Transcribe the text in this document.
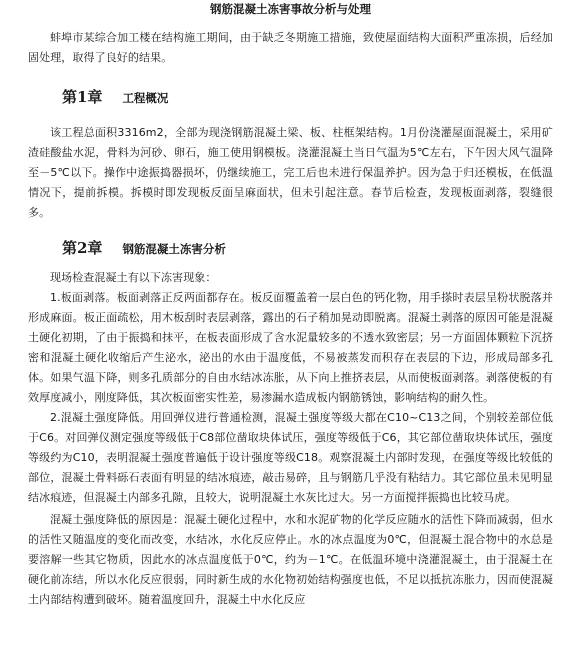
钢筋混凝土冻害事故分析与处理

蚌埠市某综合加工楼在结构施工期间，由于缺乏冬期施工措施，致使屋面结构大面积严重冻损，后经加固处理，取得了良好的结果。

第1章 工程概况

该工程总面积3316m2，全部为现浇钢筋混凝土梁、板、柱框架结构。1月份浇灌屋面混凝土，采用矿渣硅酸盐水泥，骨料为河砂、卵石，施工使用钢模板。浇灌混凝土当日气温为5℃左右，下午因大风气温降至－5℃以下。操作中途振捣器损坏，仍继续施工，完工后也未进行保温养护。因为急于归还模板，在低温情况下，提前拆模。拆模时即发现板反面呈麻面状，但未引起注意。春节后检查，发现板面剥落，裂缝很多。

第2章 钢筋混凝土冻害分析

现场检查混凝土有以下冻害现象：

1.板面剥落。板面剥落正反两面都存在。板反面覆盖着一层白色的钙化物，用手搽时表层呈粉状脱落并形成麻面。板正面疏松，用木板刮时表层剥落，露出的石子稍加晃动即脱离。混凝土剥落的原因可能是混凝土硬化初期，了由于振捣和抹平，在板表面形成了含水泥量较多的不透水致密层；另一方面固体颗粒下沉挤密和混凝土硬化收缩后产生泌水，泌出的水由于温度低，不易被蒸发而积存在表层的下边，形成局部多孔体。如果气温下降，则多孔质部分的自由水结冰冻胀，从下向上推挤表层，从而使板面剥落。剥落使板的有效厚度减小，刚度降低，其次板面密实性差，易渗漏水造成板内钢筋锈蚀，影响结构的耐久性。

2.混凝土强度降低。用回弹仪进行普通检测，混凝土强度等级大都在C10~C13之间，个别较差部位低于C6。对回弹仪测定强度等级低于C8部位凿取块体试压，强度等级低于C6，其它部位凿取块体试压，强度等级约为C10，表明混凝土强度普遍低于设计强度等级C18。观察混凝土内部时发现，在强度等级比较低的部位，混凝土骨料砾石表面有明显的结冰痕迹，敲击易碎，且与钢筋几乎没有粘结力。其它部位虽未见明显结冰痕迹，但混凝土内部多孔隙，且较大，说明混凝土水灰比过大。另一方面搅拌振捣也比较马虎。

混凝土强度降低的原因是：混凝土硬化过程中，水和水泥矿物的化学反应随水的活性下降而减弱，但水的活性又随温度的变化而改变，水结冰，水化反应停止。水的冰点温度为0℃，但混凝土混合物中的水总是要溶解一些其它物质，因此水的冰点温度低于0℃，约为－1℃。在低温环境中浇灌混凝土，由于混凝土在硬化前冻结，所以水化反应很弱，同时新生成的水化物初始结构强度也低，不足以抵抗冻胀力，因而使混凝土内部结构遭到破坏。随着温度回升，混凝土中水化反应
